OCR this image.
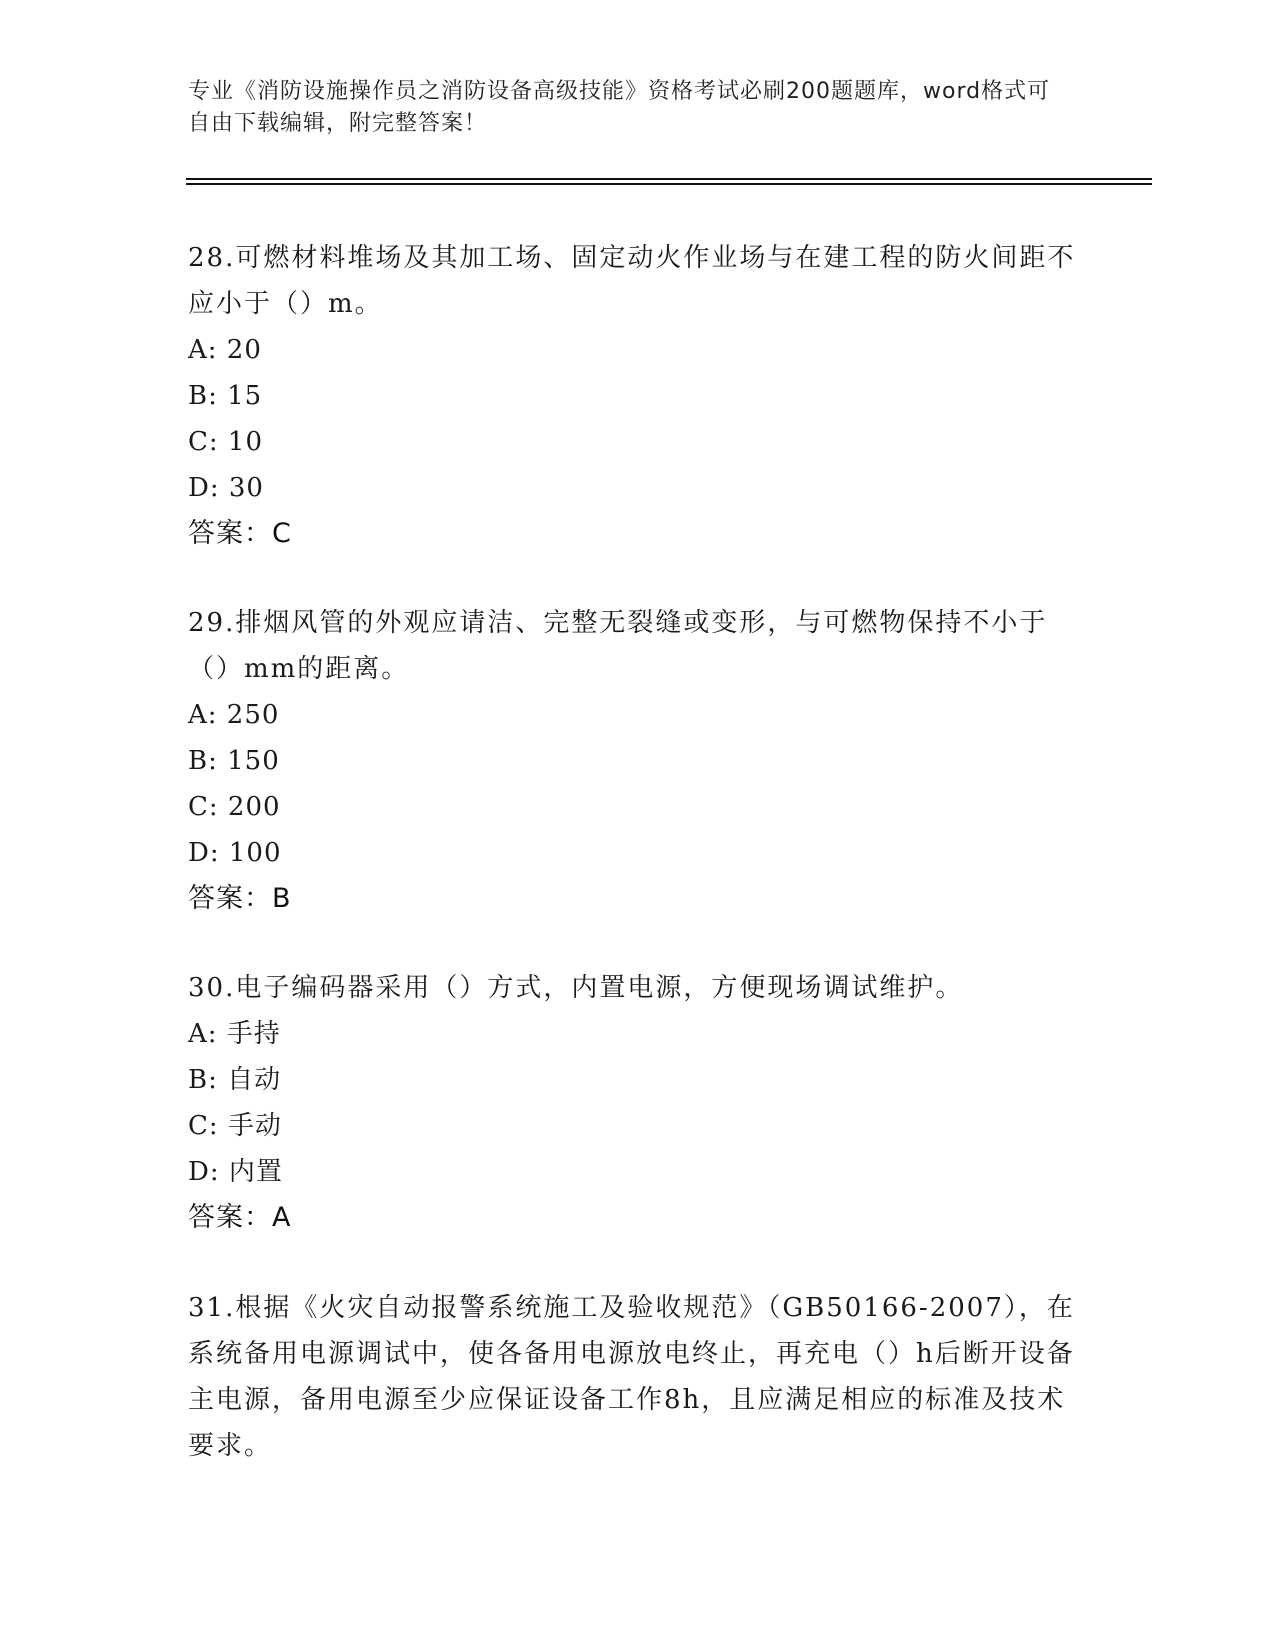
专业《消防设施操作员之消防设备高级技能》资格考试必刷200题题库，word格式可自由下载编辑，附完整答案！

28.可燃材料堆场及其加工场、固定动火作业场与在建工程的防火间距不应小于（）m。

A: 20

B: 15

C: 10

D: 30

答案：C

29.排烟风管的外观应请洁、完整无裂缝或变形，与可燃物保持不小于（）mm的距离。

A: 250

B: 150

C: 200

D: 100

答案：B

30.电子编码器采用（）方式，内置电源，方便现场调试维护。

A: 手持

B: 自动

C: 手动

D: 内置

答案：A

31.根据《火灾自动报警系统施工及验收规范》（GB50166-2007），在系统备用电源调试中，使各备用电源放电终止，再充电（）h后断开设备主电源，备用电源至少应保证设备工作8h，且应满足相应的标准及技术要求。
